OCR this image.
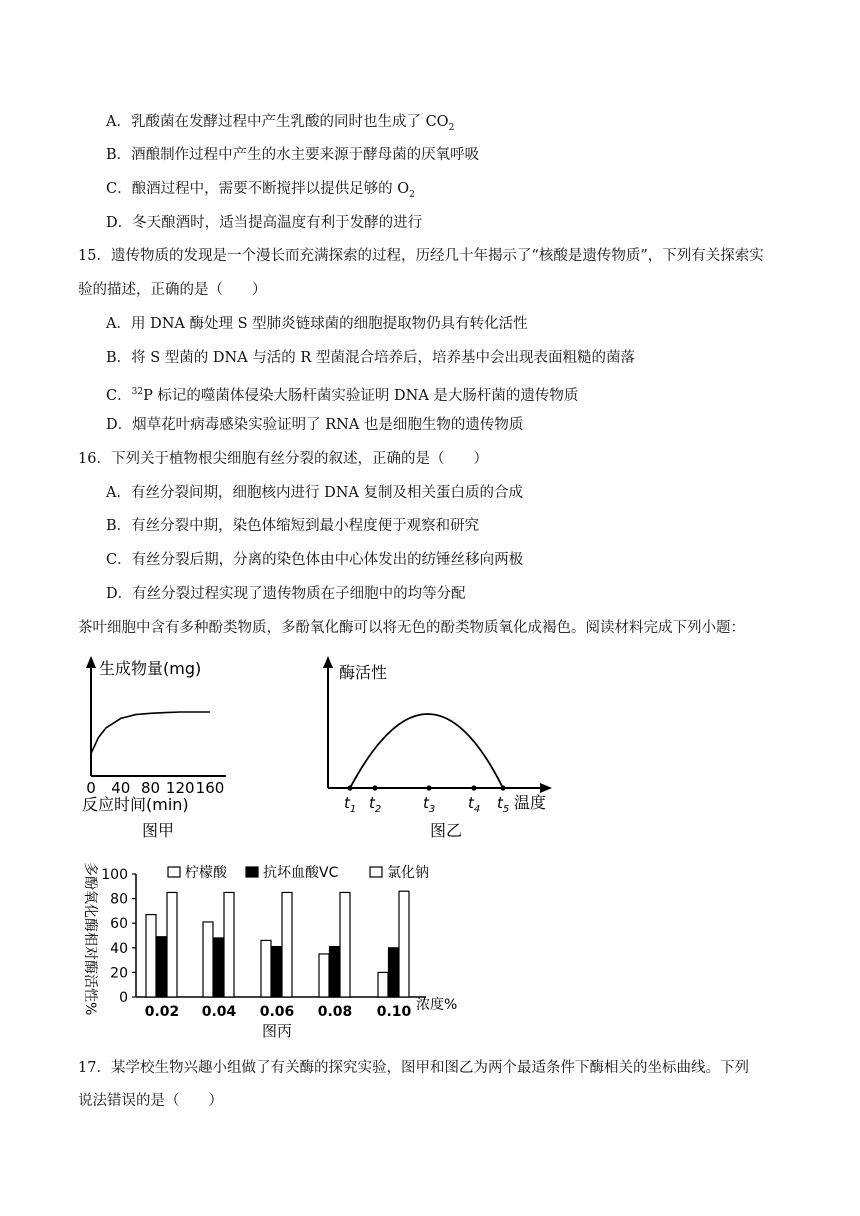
A．乳酸菌在发酵过程中产生乳酸的同时也生成了 $CO_2$
B．酒酿制作过程中产生的水主要来源于酵母菌的厌氧呼吸
C．酿酒过程中，需要不断搅拌以提供足够的 $O_2$
D．冬天酿酒时，适当提高温度有利于发酵的进行
15．遗传物质的发现是一个漫长而充满探索的过程，历经几十年揭示了“核酸是遗传物质”，下列有关探索实
验的描述，正确的是（　　）
A．用 DNA 酶处理 S 型肺炎链球菌的细胞提取物仍具有转化活性
B．将 S 型菌的 DNA 与活的 R 型菌混合培养后，培养基中会出现表面粗糙的菌落
C．$^{32}$P 标记的噬菌体侵染大肠杆菌实验证明 DNA 是大肠杆菌的遗传物质
D．烟草花叶病毒感染实验证明了 RNA 也是细胞生物的遗传物质
16．下列关于植物根尖细胞有丝分裂的叙述，正确的是（　　）
A．有丝分裂间期，细胞核内进行 DNA 复制及相关蛋白质的合成
B．有丝分裂中期，染色体缩短到最小程度便于观察和研究
C．有丝分裂后期，分离的染色体由中心体发出的纺锤丝移向两极
D．有丝分裂过程实现了遗传物质在子细胞中的均等分配
茶叶细胞中含有多种酚类物质，多酚氧化酶可以将无色的酚类物质氧化成褐色。阅读材料完成下列小题：
生成物量(mg)
0 40 80 120 160
反应时间(min)
图甲
酶活性
$t_1$ $t_2$	$t_3$ $t_4$ $t_5$ 温度
图乙
多酚氧化酶相对酶活性% 0
20
40
60
80
100
0.02 0.04 0.06 0.08 0.10 浓度%
图丙
柠檬酸	抗坏血酸VC	氯化钠
17．某学校生物兴趣小组做了有关酶的探究实验，图甲和图乙为两个最适条件下酶相关的坐标曲线。下列
说法错误的是（　　）
